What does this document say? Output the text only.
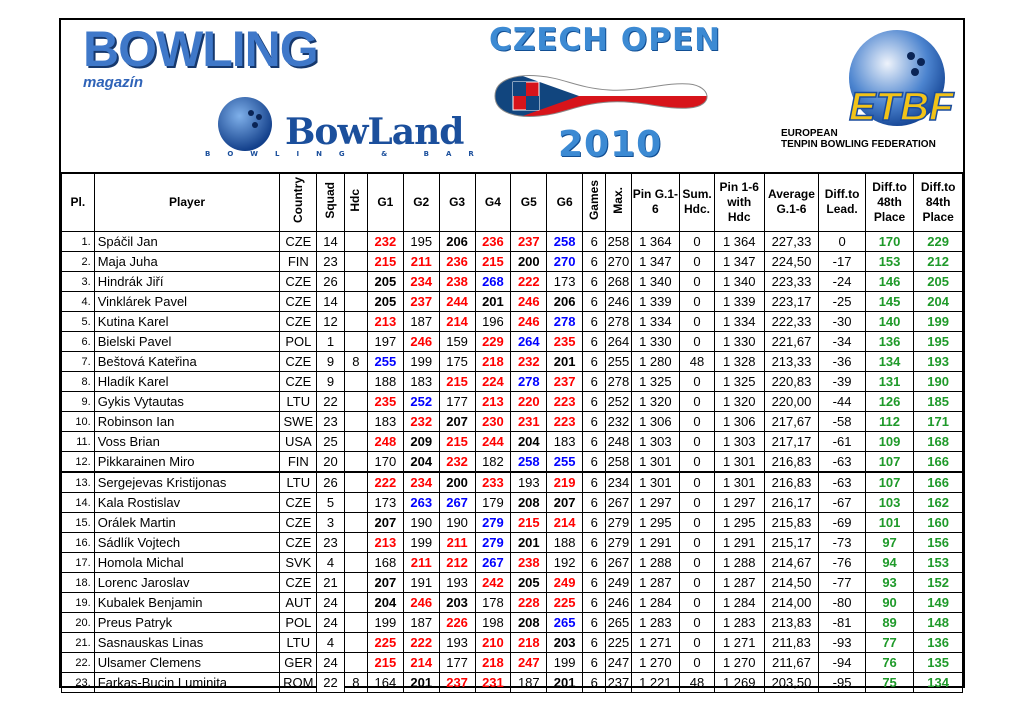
BOWLING
magazín
BowLand
BOWLING & BAR
CZECH OPEN
2010
ETBF
EUROPEAN
TENPIN BOWLING FEDERATION
Pl.	Player	Country	Squad	Hdc	G1	G2	G3	G4	G5	G6	Games	Max.	Pin G.1-6	Sum. Hdc.	Pin 1-6 with Hdc	Average G.1-6	Diff.to Lead.	Diff.to 48th Place	Diff.to 84th Place
1.	Spáčil Jan	CZE	14		232	195	206	236	237	258	6	258	1 364	0	1 364	227,33	0	170	229
2.	Maja Juha	FIN	23		215	211	236	215	200	270	6	270	1 347	0	1 347	224,50	-17	153	212
3.	Hindrák Jiří	CZE	26		205	234	238	268	222	173	6	268	1 340	0	1 340	223,33	-24	146	205
4.	Vinklárek Pavel	CZE	14		205	237	244	201	246	206	6	246	1 339	0	1 339	223,17	-25	145	204
5.	Kutina Karel	CZE	12		213	187	214	196	246	278	6	278	1 334	0	1 334	222,33	-30	140	199
6.	Bielski Pavel	POL	1		197	246	159	229	264	235	6	264	1 330	0	1 330	221,67	-34	136	195
7.	Beštová Kateřina	CZE	9	8	255	199	175	218	232	201	6	255	1 280	48	1 328	213,33	-36	134	193
8.	Hladík Karel	CZE	9		188	183	215	224	278	237	6	278	1 325	0	1 325	220,83	-39	131	190
9.	Gykis Vytautas	LTU	22		235	252	177	213	220	223	6	252	1 320	0	1 320	220,00	-44	126	185
10.	Robinson Ian	SWE	23		183	232	207	230	231	223	6	232	1 306	0	1 306	217,67	-58	112	171
11.	Voss Brian	USA	25		248	209	215	244	204	183	6	248	1 303	0	1 303	217,17	-61	109	168
12.	Pikkarainen Miro	FIN	20		170	204	232	182	258	255	6	258	1 301	0	1 301	216,83	-63	107	166
13.	Sergejevas Kristijonas	LTU	26		222	234	200	233	193	219	6	234	1 301	0	1 301	216,83	-63	107	166
14.	Kala Rostislav	CZE	5		173	263	267	179	208	207	6	267	1 297	0	1 297	216,17	-67	103	162
15.	Orálek Martin	CZE	3		207	190	190	279	215	214	6	279	1 295	0	1 295	215,83	-69	101	160
16.	Sádlík Vojtech	CZE	23		213	199	211	279	201	188	6	279	1 291	0	1 291	215,17	-73	97	156
17.	Homola Michal	SVK	4		168	211	212	267	238	192	6	267	1 288	0	1 288	214,67	-76	94	153
18.	Lorenc Jaroslav	CZE	21		207	191	193	242	205	249	6	249	1 287	0	1 287	214,50	-77	93	152
19.	Kubalek Benjamin	AUT	24		204	246	203	178	228	225	6	246	1 284	0	1 284	214,00	-80	90	149
20.	Preus Patryk	POL	24		199	187	226	198	208	265	6	265	1 283	0	1 283	213,83	-81	89	148
21.	Sasnauskas Linas	LTU	4		225	222	193	210	218	203	6	225	1 271	0	1 271	211,83	-93	77	136
22.	Ulsamer Clemens	GER	24		215	214	177	218	247	199	6	247	1 270	0	1 270	211,67	-94	76	135
23.	Farkas-Bucin Luminita	ROM	22	8	164	201	237	231	187	201	6	237	1 221	48	1 269	203,50	-95	75	134
